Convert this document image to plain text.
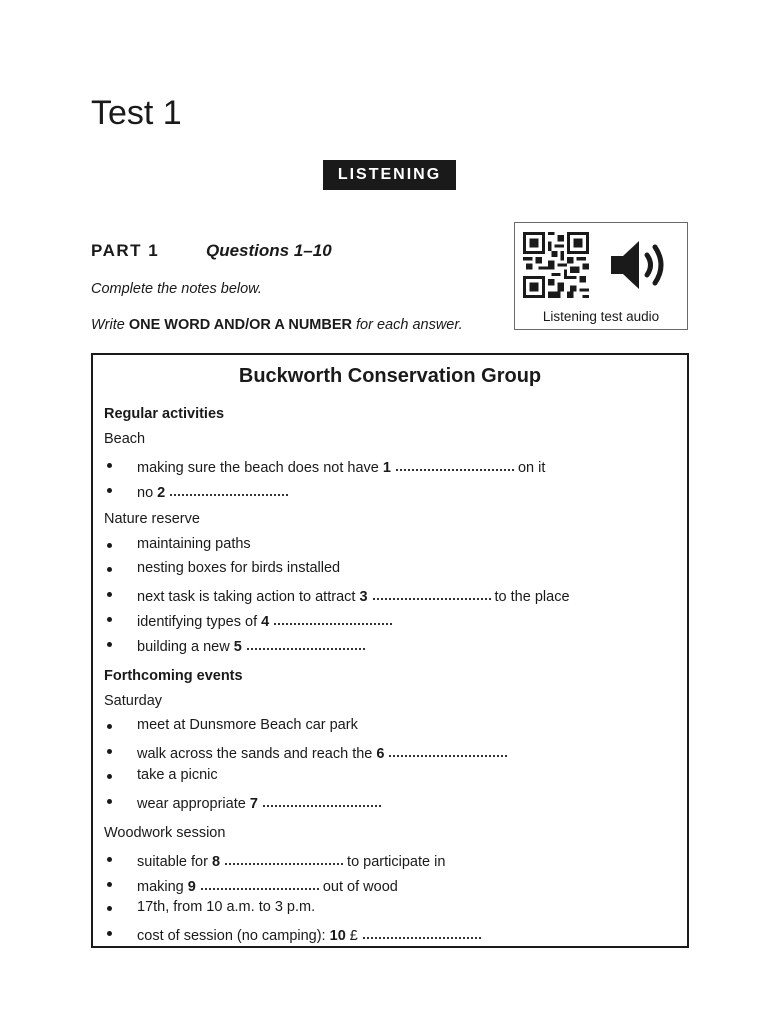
Test 1
LISTENING
PART 1	Questions 1–10
Complete the notes below.
Write ONE WORD AND/OR A NUMBER for each answer.
Listening test audio
Buckworth Conservation Group
Regular activities
Beach
making sure the beach does not have 1	on it
no 2
Nature reserve
maintaining paths
nesting boxes for birds installed
next task is taking action to attract 3	to the place
identifying types of 4
building a new 5
Forthcoming events
Saturday
meet at Dunsmore Beach car park
walk across the sands and reach the 6
take a picnic
wear appropriate 7
Woodwork session
suitable for 8	to participate in
making 9	out of wood
17th, from 10 a.m. to 3 p.m.
cost of session (no camping): 10 £
